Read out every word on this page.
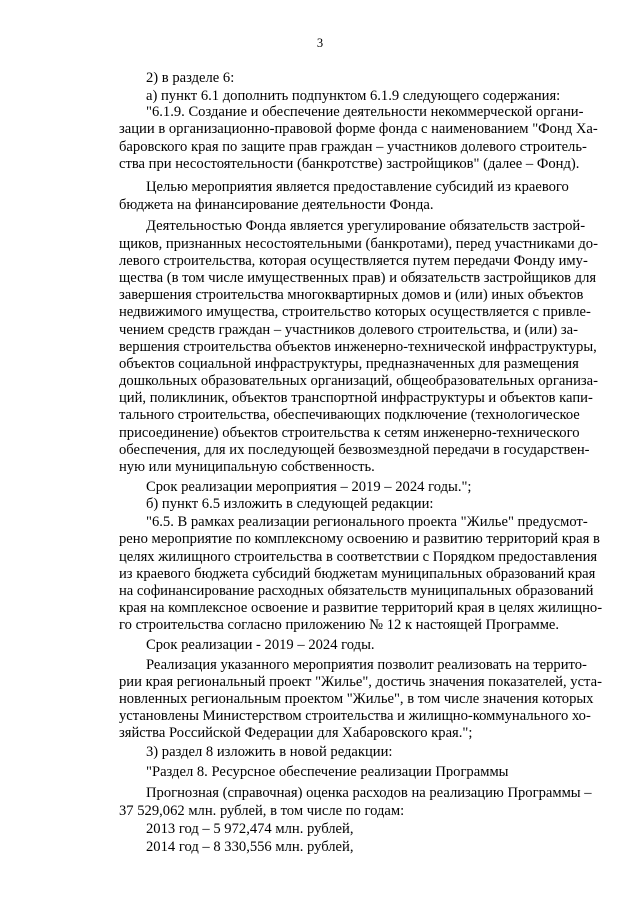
3
2) в разделе 6:
а) пункт 6.1 дополнить подпунктом 6.1.9 следующего содержания:
"6.1.9. Создание и обеспечение деятельности некоммерческой органи-
зации в организационно-правовой форме фонда с наименованием "Фонд Ха-
баровского края по защите прав граждан – участников долевого строитель-
ства при несостоятельности (банкротстве) застройщиков" (далее – Фонд).
Целью мероприятия является предоставление субсидий из краевого
бюджета на финансирование деятельности Фонда.
Деятельностью Фонда является урегулирование обязательств застрой-
щиков, признанных несостоятельными (банкротами), перед участниками до-
левого строительства, которая осуществляется путем передачи Фонду иму-
щества (в том числе имущественных прав) и обязательств застройщиков для
завершения строительства многоквартирных домов и (или) иных объектов
недвижимого имущества, строительство которых осуществляется с привле-
чением средств граждан – участников долевого строительства, и (или) за-
вершения строительства объектов инженерно-технической инфраструктуры,
объектов социальной инфраструктуры, предназначенных для размещения
дошкольных образовательных организаций, общеобразовательных организа-
ций, поликлиник, объектов транспортной инфраструктуры и объектов капи-
тального строительства, обеспечивающих подключение (технологическое
присоединение) объектов строительства к сетям инженерно-технического
обеспечения, для их последующей безвозмездной передачи в государствен-
ную или муниципальную собственность.
Срок реализации мероприятия – 2019 – 2024 годы.";
б) пункт 6.5 изложить в следующей редакции:
"6.5. В рамках реализации регионального проекта "Жилье" предусмот-
рено мероприятие по комплексному освоению и развитию территорий края в
целях жилищного строительства в соответствии с Порядком предоставления
из краевого бюджета субсидий бюджетам муниципальных образований края
на софинансирование расходных обязательств муниципальных образований
края на комплексное освоение и развитие территорий края в целях жилищно-
го строительства согласно приложению № 12 к настоящей Программе.
Срок реализации - 2019 – 2024 годы.
Реализация указанного мероприятия позволит реализовать на террито-
рии края региональный проект "Жилье", достичь значения показателей, уста-
новленных региональным проектом "Жилье", в том числе значения которых
установлены Министерством строительства и жилищно-коммунального хо-
зяйства Российской Федерации для Хабаровского края.";
3) раздел 8 изложить в новой редакции:
"Раздел 8. Ресурсное обеспечение реализации Программы
Прогнозная (справочная) оценка расходов на реализацию Программы –
37 529,062 млн. рублей, в том числе по годам:
2013 год – 5 972,474 млн. рублей,
2014 год – 8 330,556 млн. рублей,
